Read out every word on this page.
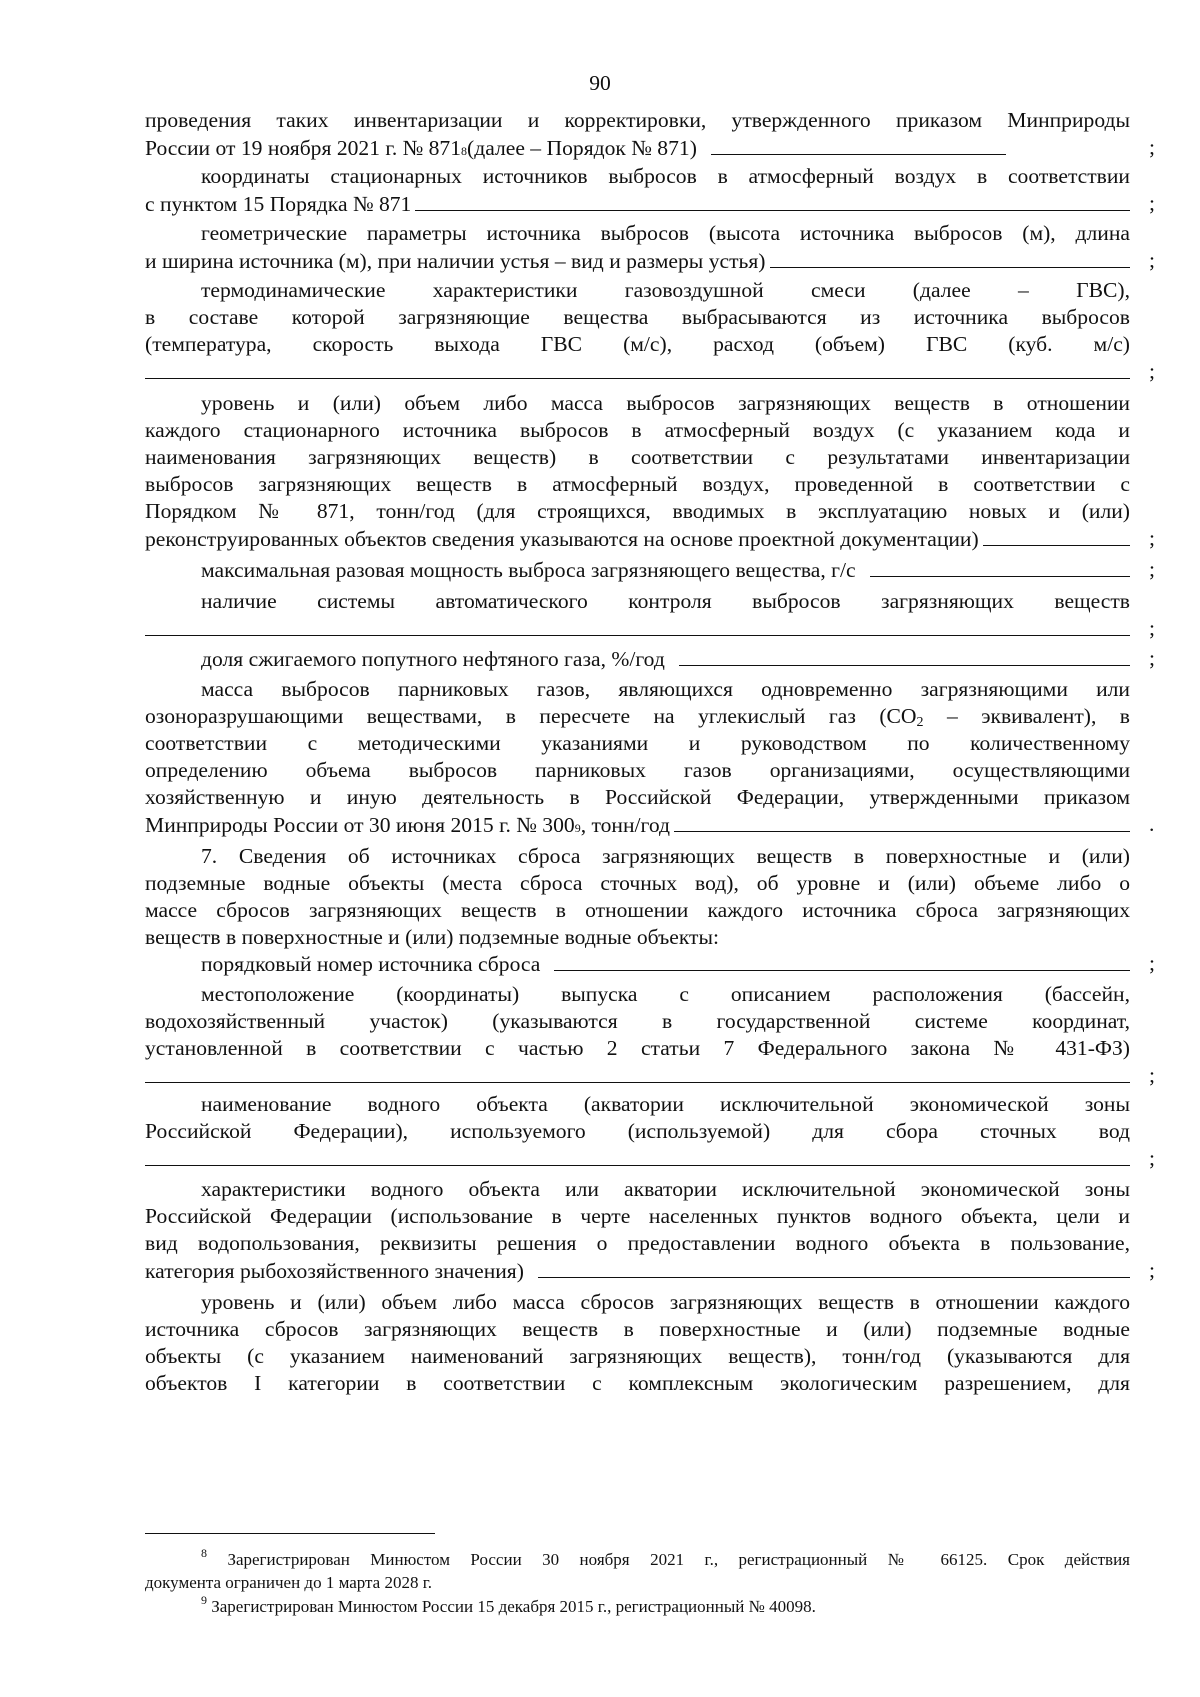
90
проведения таких инвентаризации и корректировки, утвержденного приказом Минприроды
России от 19 ноября 2021 г. № 871 8 (далее – Порядок № 871)	;
координаты стационарных источников выбросов в атмосферный воздух в соответствии
с пунктом 15 Порядка № 871	;
геометрические параметры источника выбросов (высота источника выбросов (м), длина
и ширина источника (м), при наличии устья – вид и размеры устья)	;
термодинамические характеристики газовоздушной смеси (далее – ГВС),
в составе которой загрязняющие вещества выбрасываются из источника выбросов
(температура, скорость выхода ГВС (м/с), расход (объем) ГВС (куб. м/с)
;
уровень и (или) объем либо масса выбросов загрязняющих веществ в отношении
каждого стационарного источника выбросов в атмосферный воздух (с указанием кода и
наименования загрязняющих веществ) в соответствии с результатами инвентаризации
выбросов загрязняющих веществ в атмосферный воздух, проведенной в соответствии с
Порядком № 871, тонн/год (для строящихся, вводимых в эксплуатацию новых и (или)
реконструированных объектов сведения указываются на основе проектной документации)	;
максимальная разовая мощность выброса загрязняющего вещества, г/с	;
наличие системы автоматического контроля выбросов загрязняющих веществ
;
доля сжигаемого попутного нефтяного газа, %/год	;
масса выбросов парниковых газов, являющихся одновременно загрязняющими или
озоноразрушающими веществами, в пересчете на углекислый газ ($CO_2$ – эквивалент), в
соответствии с методическими указаниями и руководством по количественному
определению объема выбросов парниковых газов организациями, осуществляющими
хозяйственную и иную деятельность в Российской Федерации, утвержденными приказом
Минприроды России от 30 июня 2015 г. № 300 9 , тонн/год	.
7. Сведения об источниках сброса загрязняющих веществ в поверхностные и (или)
подземные водные объекты (места сброса сточных вод), об уровне и (или) объеме либо о
массе сбросов загрязняющих веществ в отношении каждого источника сброса загрязняющих
веществ в поверхностные и (или) подземные водные объекты:
порядковый номер источника сброса	;
местоположение (координаты) выпуска с описанием расположения (бассейн,
водохозяйственный участок) (указываются в государственной системе координат,
установленной в соответствии с частью 2 статьи 7 Федерального закона № 431-ФЗ)
;
наименование водного объекта (акватории исключительной экономической зоны
Российской Федерации), используемого (используемой) для сбора сточных вод
;
характеристики водного объекта или акватории исключительной экономической зоны
Российской Федерации (использование в черте населенных пунктов водного объекта, цели и
вид водопользования, реквизиты решения о предоставлении водного объекта в пользование,
категория рыбохозяйственного значения)	;
уровень и (или) объем либо масса сбросов загрязняющих веществ в отношении каждого
источника сбросов загрязняющих веществ в поверхностные и (или) подземные водные
объекты (с указанием наименований загрязняющих веществ), тонн/год (указываются для
объектов I категории в соответствии с комплексным экологическим разрешением, для
$^8$ Зарегистрирован Минюстом России 30 ноября 2021 г., регистрационный № 66125. Срок действия
документа ограничен до 1 марта 2028 г.
$^9$ Зарегистрирован Минюстом России 15 декабря 2015 г., регистрационный № 40098.
